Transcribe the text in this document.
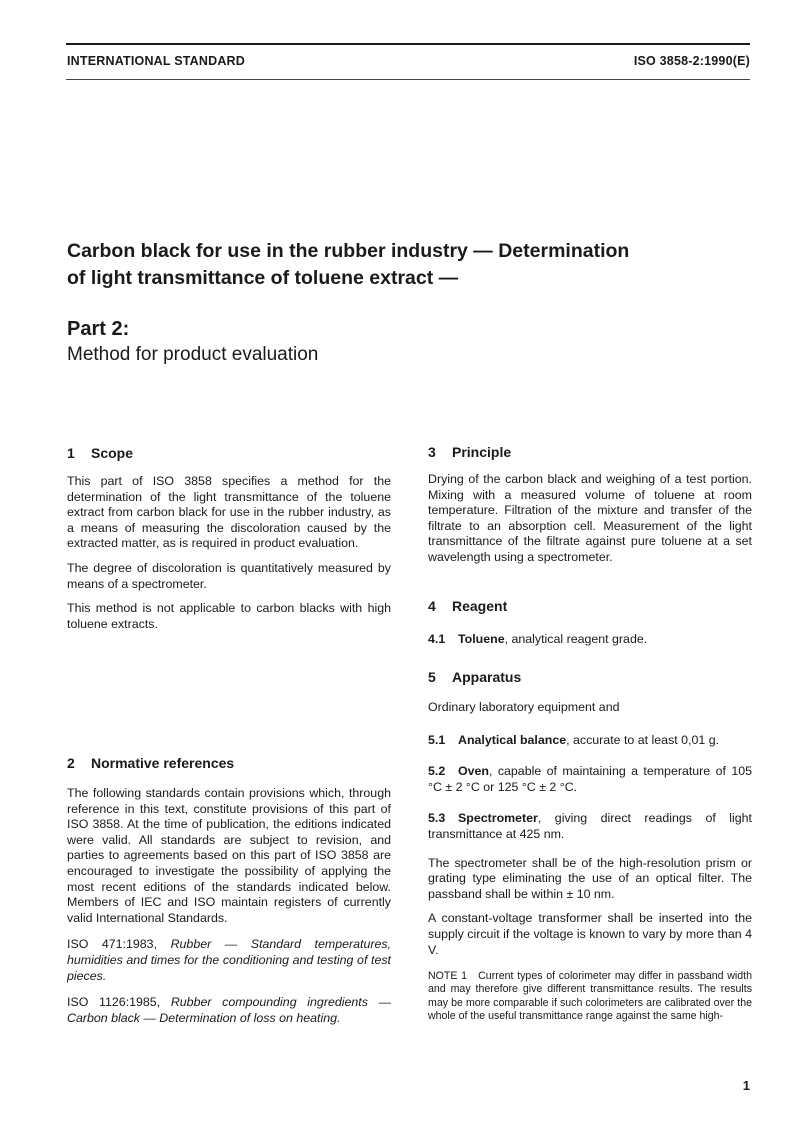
INTERNATIONAL STANDARD	ISO 3858-2:1990(E)
Carbon black for use in the rubber industry — Determination
of light transmittance of toluene extract —
Part 2:
Method for product evaluation
1 Scope

This part of ISO 3858 specifies a method for the determination of the light transmittance of the toluene extract from carbon black for use in the rubber industry, as a means of measuring the discoloration caused by the extracted matter, as is required in product evaluation.

The degree of discoloration is quantitatively measured by means of a spectrometer.

This method is not applicable to carbon blacks with high toluene extracts.

2 Normative references

The following standards contain provisions which, through reference in this text, constitute provisions of this part of ISO 3858. At the time of publication, the editions indicated were valid. All standards are subject to revision, and parties to agreements based on this part of ISO 3858 are encouraged to investigate the possibility of applying the most recent editions of the standards indicated below. Members of IEC and ISO maintain registers of currently valid International Standards.

ISO 471:1983, Rubber — Standard temperatures, humidities and times for the conditioning and testing of test pieces.

ISO 1126:1985, Rubber compounding ingredients — Carbon black — Determination of loss on heating.

3 Principle

Drying of the carbon black and weighing of a test portion. Mixing with a measured volume of toluene at room temperature. Filtration of the mixture and transfer of the filtrate to an absorption cell. Measurement of the light transmittance of the filtrate against pure toluene at a set wavelength using a spectrometer.

4 Reagent

4.1 Toluene, analytical reagent grade.

5 Apparatus

Ordinary laboratory equipment and

5.1 Analytical balance, accurate to at least 0,01 g.

5.2 Oven, capable of maintaining a temperature of 105 °C ± 2 °C or 125 °C ± 2 °C.

5.3 Spectrometer, giving direct readings of light transmittance at 425 nm.

The spectrometer shall be of the high-resolution prism or grating type eliminating the use of an optical filter. The passband shall be within ± 10 nm.

A constant-voltage transformer shall be inserted into the supply circuit if the voltage is known to vary by more than 4 V.

NOTE 1 Current types of colorimeter may differ in passband width and may therefore give different transmittance results. The results may be more comparable if such colorimeters are calibrated over the whole of the useful transmittance range against the same high-

1
